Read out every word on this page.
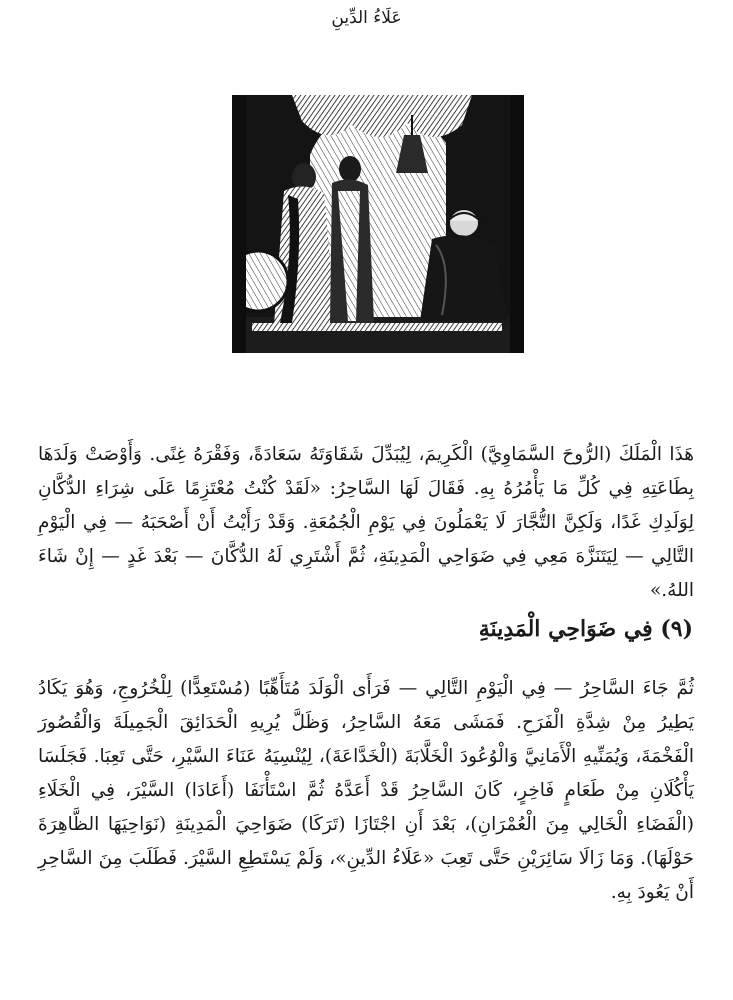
عَلَاءُ الدِّينِ

هَذَا الْمَلَكَ (الرُّوحَ السَّمَاوِيَّ) الْكَرِيمَ، لِيُبَدِّلَ شَقَاوَتَهُ سَعَادَةً، وَفَقْرَهُ غِنًى. وَأَوْصَتْ وَلَدَهَا بِطَاعَتِهِ فِي كُلِّ مَا يَأْمُرُهُ بِهِ. فَقَالَ لَهَا السَّاحِرُ: «لَقَدْ كُنْتُ مُعْتَزِمًا عَلَى شِرَاءِ الدُّكَّانِ لِوَلَدِكِ غَدًا، وَلَكِنَّ التُّجَّارَ لَا يَعْمَلُونَ فِي يَوْمِ الْجُمُعَةِ. وَقَدْ رَأَيْتُ أَنْ أَصْحَبَهُ — فِي الْيَوْمِ التَّالِي — لِيَتَنَزَّهَ مَعِي فِي ضَوَاحِي الْمَدِينَةِ، ثُمَّ أَشْتَرِي لَهُ الدُّكَّانَ — بَعْدَ غَدٍ — إِنْ شَاءَ اللهُ.»

(٩) فِي ضَوَاحِي الْمَدِينَةِ

ثُمَّ جَاءَ السَّاحِرُ — فِي الْيَوْمِ التَّالِي — فَرَأَى الْوَلَدَ مُتَأَهِّبًا (مُسْتَعِدًّا) لِلْخُرُوجِ، وَهُوَ يَكَادُ يَطِيرُ مِنْ شِدَّةِ الْفَرَحِ. فَمَشَى مَعَهُ السَّاحِرُ، وَظَلَّ يُرِيهِ الْحَدَائِقَ الْجَمِيلَةَ وَالْقُصُورَ الْفَخْمَةَ، وَيُمَنِّيهِ الْأَمَانِيَّ وَالْوُعُودَ الْخَلَّابَةَ (الْخَدَّاعَةَ)، لِيُنْسِيَهُ عَنَاءَ السَّيْرِ، حَتَّى تَعِبَا. فَجَلَسَا يَأْكُلَانِ مِنْ طَعَامٍ فَاخِرٍ، كَانَ السَّاحِرُ قَدْ أَعَدَّهُ ثُمَّ اسْتَأْنَفَا (أَعَادَا) السَّيْرَ، فِي الْخَلَاءِ (الْفَضَاءِ الْخَالِي مِنَ الْعُمْرَانِ)، بَعْدَ أَنِ اجْتَازَا (تَرَكَا) ضَوَاحِيَ الْمَدِينَةِ (نَوَاحِيَهَا الظَّاهِرَةَ حَوْلَهَا). وَمَا زَالَا سَائِرَيْنِ حَتَّى تَعِبَ «عَلَاءُ الدِّينِ»، وَلَمْ يَسْتَطِعِ السَّيْرَ. فَطَلَبَ مِنَ السَّاحِرِ أَنْ يَعُودَ بِهِ.
